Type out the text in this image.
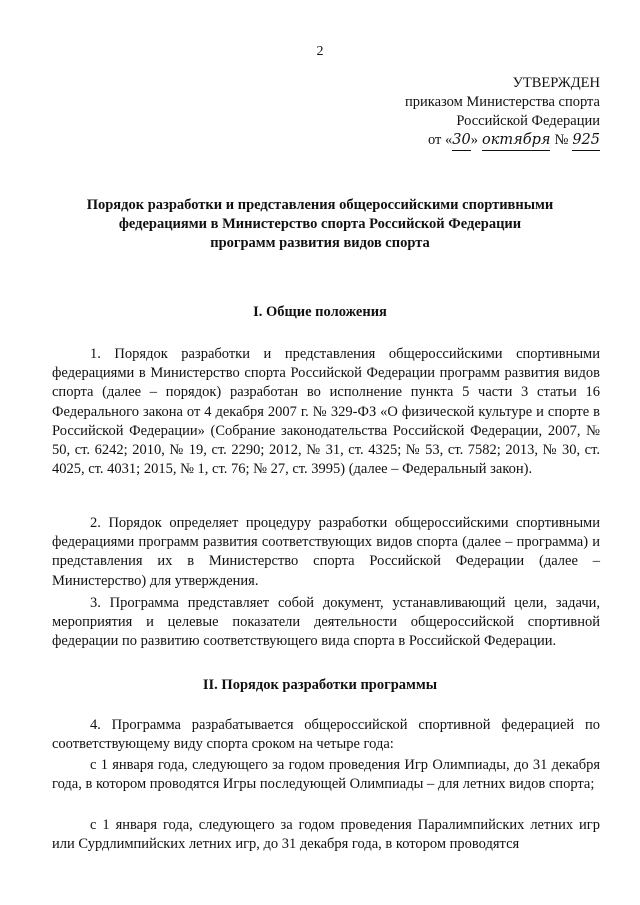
2
УТВЕРЖДЕН
приказом Министерства спорта
Российской Федерации
от «30» октября № 925
Порядок разработки и представления общероссийскими спортивными
федерациями в Министерство спорта Российской Федерации
программ развития видов спорта
I. Общие положения

1. Порядок разработки и представления общероссийскими спортивными федерациями в Министерство спорта Российской Федерации программ развития видов спорта (далее – порядок) разработан во исполнение пункта 5 части 3 статьи 16 Федерального закона от 4 декабря 2007 г. № 329-ФЗ «О физической культуре и спорте в Российской Федерации» (Собрание законодательства Российской Федерации, 2007, № 50, ст. 6242; 2010, № 19, ст. 2290; 2012, № 31, ст. 4325; № 53, ст. 7582; 2013, № 30, ст. 4025, ст. 4031; 2015, № 1, ст. 76; № 27, ст. 3995) (далее – Федеральный закон).

2. Порядок определяет процедуру разработки общероссийскими спортивными федерациями программ развития соответствующих видов спорта (далее – программа) и представления их в Министерство спорта Российской Федерации (далее – Министерство) для утверждения.

3. Программа представляет собой документ, устанавливающий цели, задачи, мероприятия и целевые показатели деятельности общероссийской спортивной федерации по развитию соответствующего вида спорта в Российской Федерации.

II. Порядок разработки программы

4. Программа разрабатывается общероссийской спортивной федерацией по соответствующему виду спорта сроком на четыре года:

с 1 января года, следующего за годом проведения Игр Олимпиады, до 31 декабря года, в котором проводятся Игры последующей Олимпиады – для летних видов спорта;

с 1 января года, следующего за годом проведения Паралимпийских летних игр или Сурдлимпийских летних игр, до 31 декабря года, в котором проводятся
